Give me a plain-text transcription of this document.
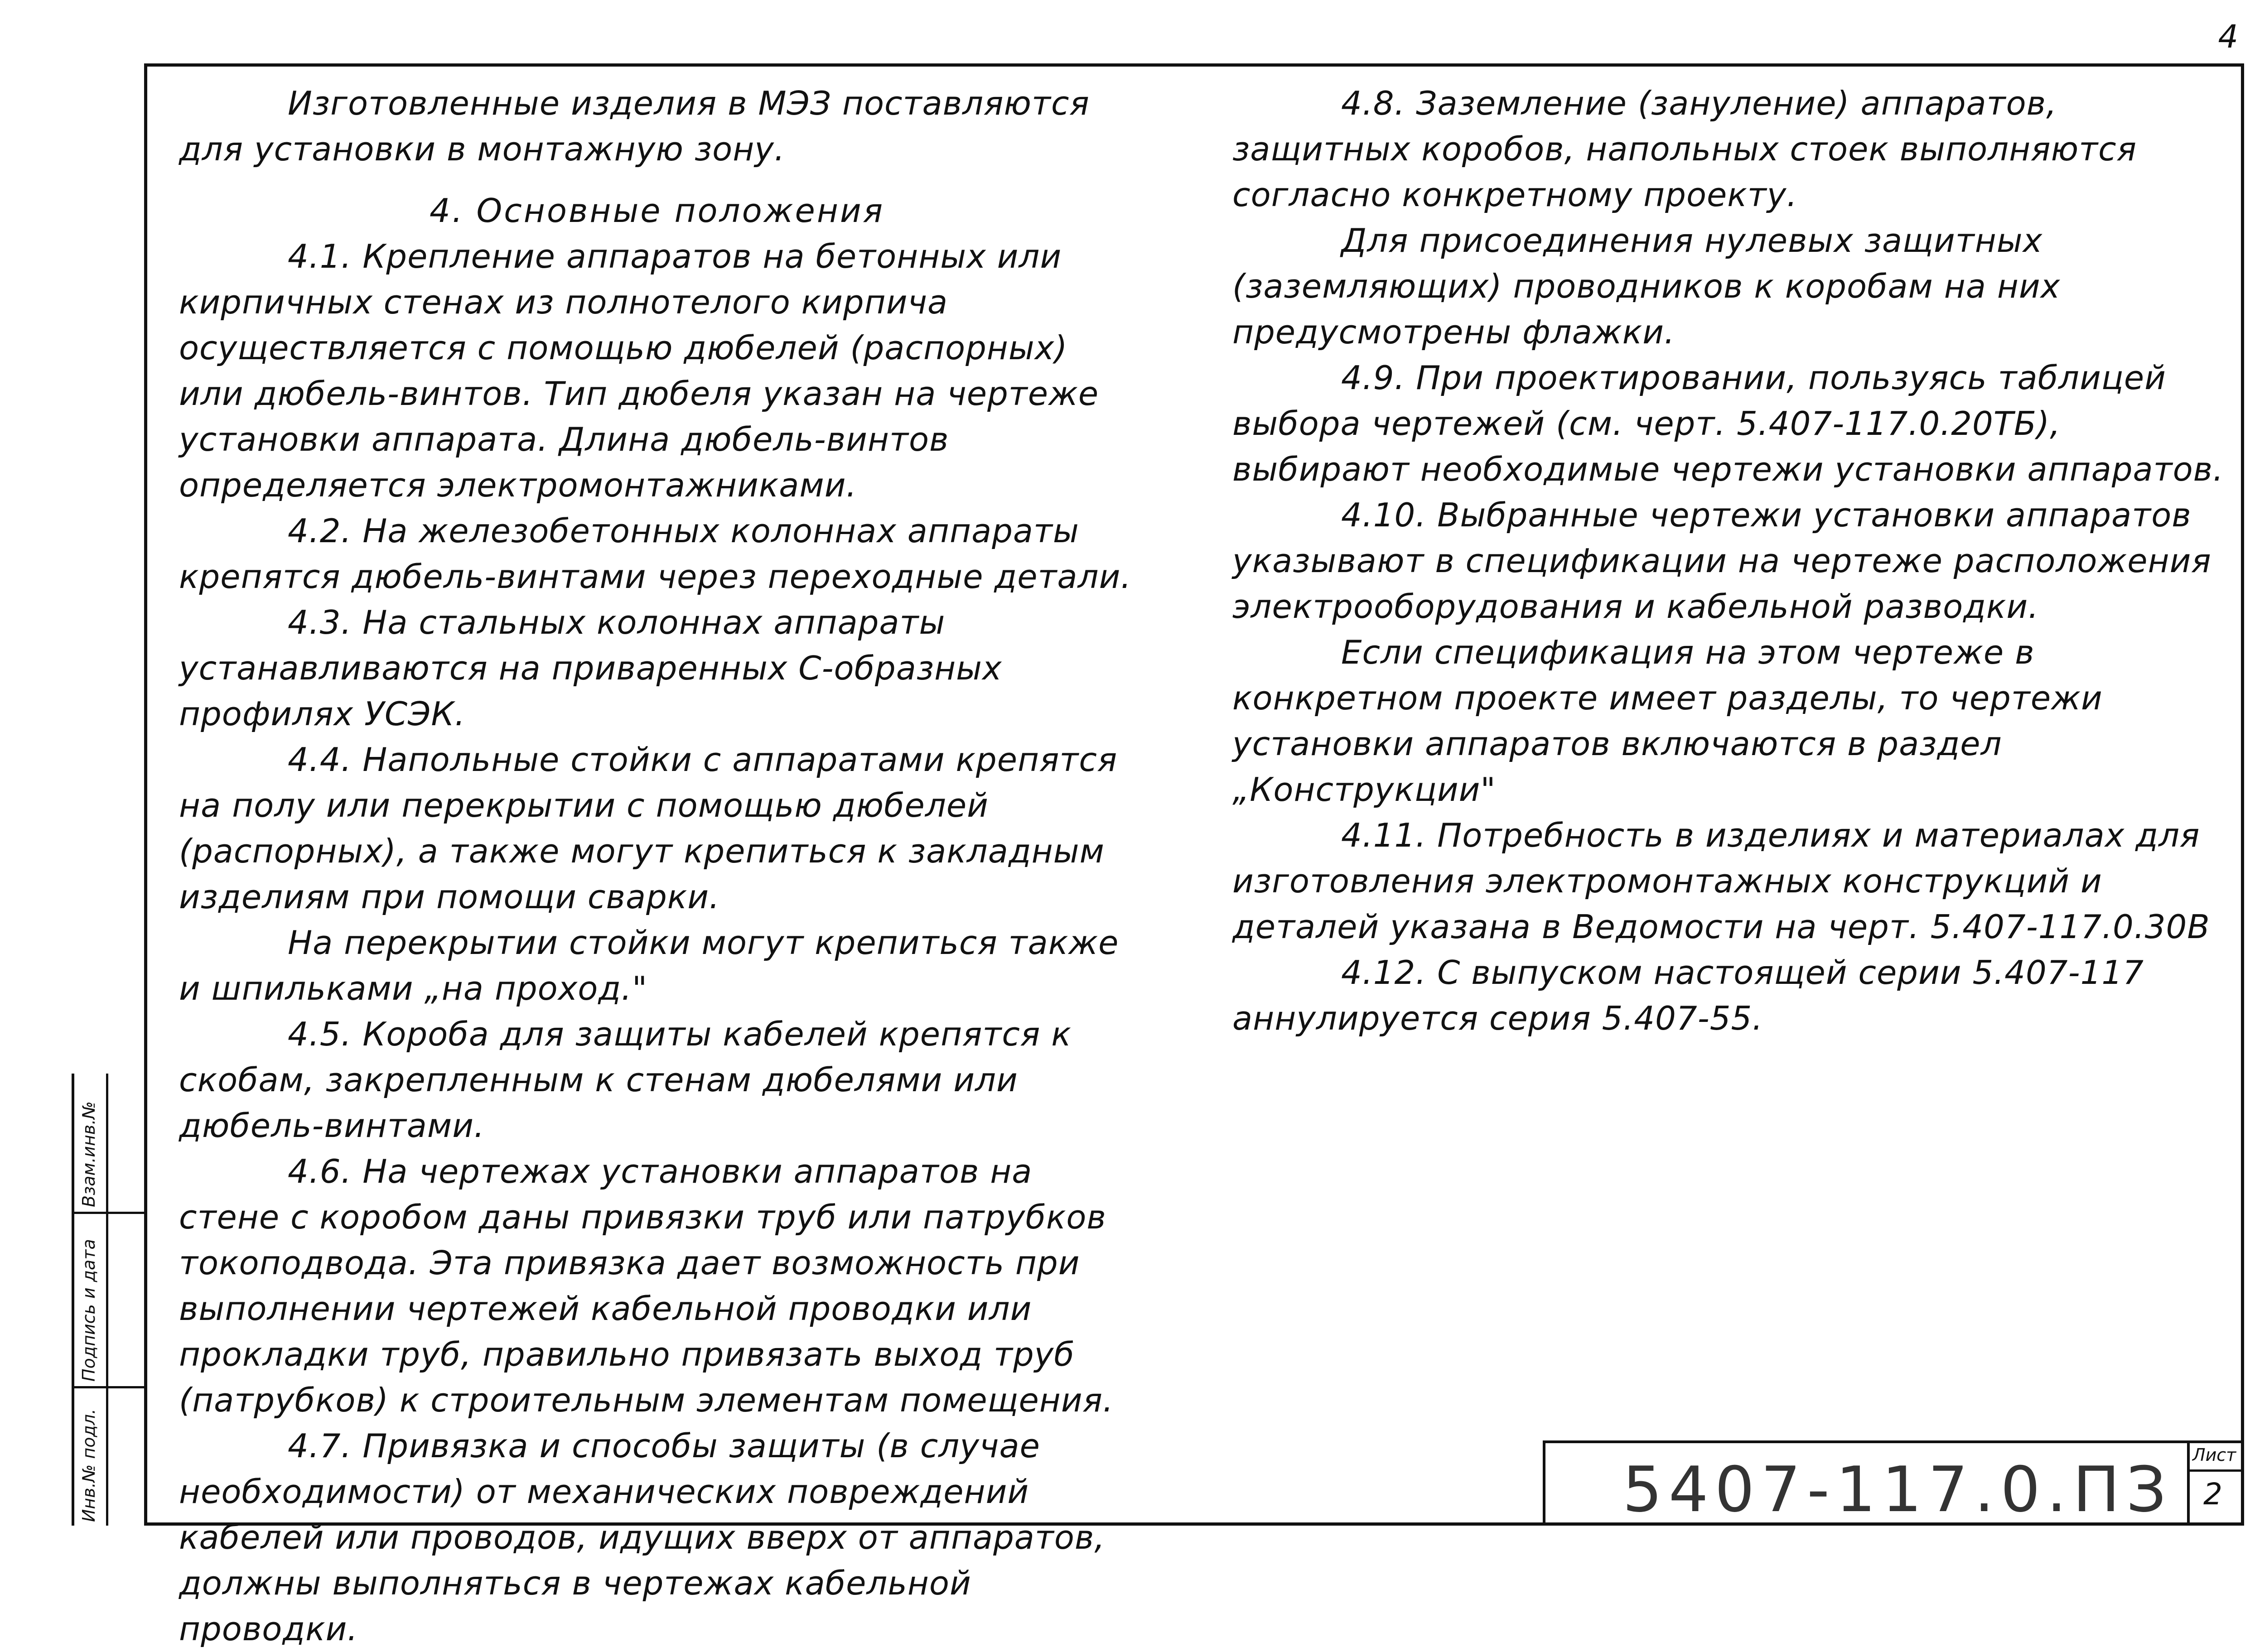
4

Изготовленные изделия в МЭЗ поставляются для установки в монтажную зону.

4. Основные положения

4.1. Крепление аппаратов на бетонных или кирпичных стенах из полнотелого кирпича осуществляется с помощью дюбелей (распорных) или дюбель-винтов. Тип дюбеля указан на чертеже установки аппарата. Длина дюбель-винтов определяется электромонтажниками.

4.2. На железобетонных колоннах аппараты крепятся дюбель-винтами через переходные детали.

4.3. На стальных колоннах аппараты устанавливаются на приваренных С-образных профилях УСЭК.

4.4. Напольные стойки с аппаратами крепятся на полу или перекрытии с помощью дюбелей (распорных), а также могут крепиться к закладным изделиям при помощи сварки.

На перекрытии стойки могут крепиться также и шпильками „на проход."

4.5. Короба для защиты кабелей крепятся к скобам, закрепленным к стенам дюбелями или дюбель-винтами.

4.6. На чертежах установки аппаратов на стене с коробом даны привязки труб или патрубков токоподвода. Эта привязка дает возможность при выполнении чертежей кабельной проводки или прокладки труб, правильно привязать выход труб (патрубков) к строительным элементам помещения.

4.7. Привязка и способы защиты (в случае необходимости) от механических повреждений кабелей или проводов, идущих вверх от аппаратов, должны выполняться в чертежах кабельной проводки.

4.8. Заземление (зануление) аппаратов, защитных коробов, напольных стоек выполняются согласно конкретному проекту.

Для присоединения нулевых защитных (заземляющих) проводников к коробам на них предусмотрены флажки.

4.9. При проектировании, пользуясь таблицей выбора чертежей (см. черт. 5.407-117.0.20ТБ), выбирают необходимые чертежи установки аппаратов.

4.10. Выбранные чертежи установки аппаратов указывают в спецификации на чертеже расположения электрооборудования и кабельной разводки.

Если спецификация на этом чертеже в конкретном проекте имеет разделы, то чертежи установки аппаратов включаются в раздел „Конструкции"

4.11. Потребность в изделиях и материалах для изготовления электромонтажных конструкций и деталей указана в Ведомости на черт. 5.407-117.0.30В

4.12. С выпуском настоящей серии 5.407-117 аннулируется серия 5.407-55.

Инв.№ подл.
Подпись и дата
Взам.инв.№
5407-117.0.ПЗ Лист
2
